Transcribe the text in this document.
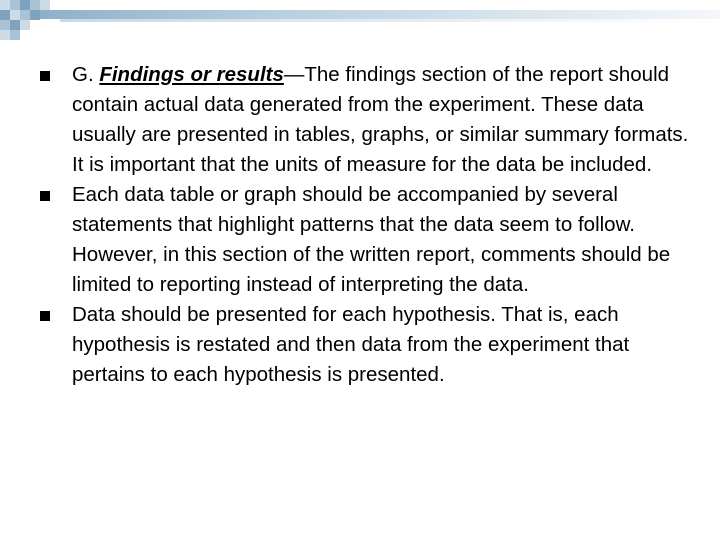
G. Findings or results—The findings section of the report should contain actual data generated from the experiment. These data usually are presented in tables, graphs, or similar summary formats. It is important that the units of measure for the data be included.
Each data table or graph should be accompanied by several statements that highlight patterns that the data seem to follow. However, in this section of the written report, comments should be limited to reporting instead of interpreting the data.
Data should be presented for each hypothesis. That is, each hypothesis is restated and then data from the experiment that pertains to each hypothesis is presented.
